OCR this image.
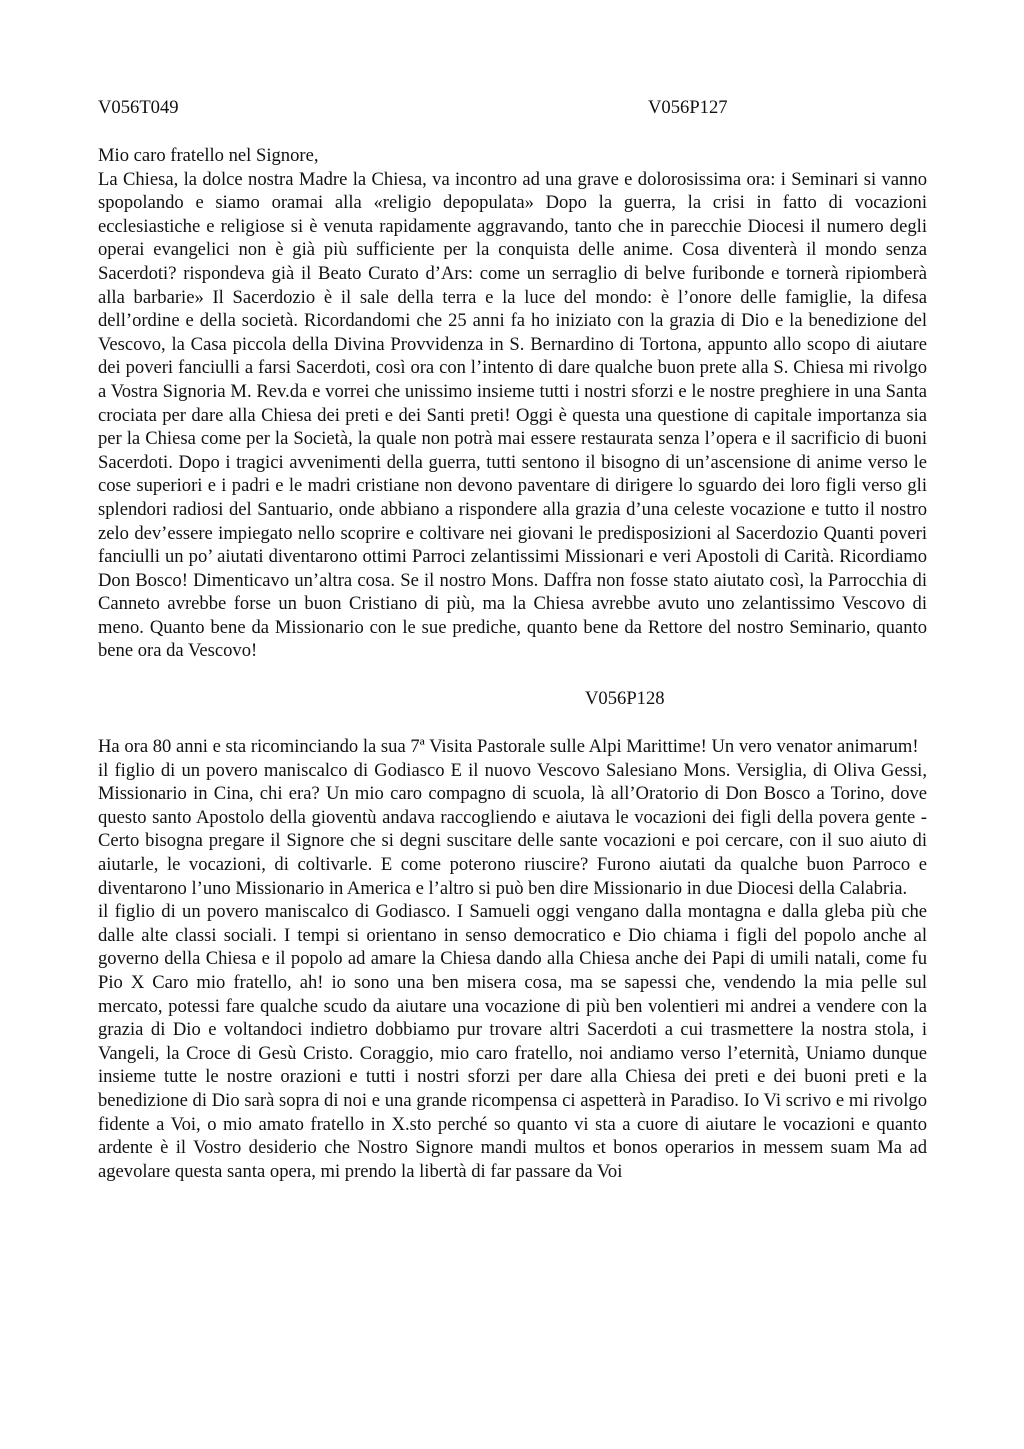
V056T049	V056P127
Mio caro fratello nel Signore,

La Chiesa, la dolce nostra Madre la Chiesa, va incontro ad una grave e dolorosissima ora: i Seminari si vanno spopolando e siamo oramai alla «religio depopulata» Dopo la guerra, la crisi in fatto di vocazioni ecclesiastiche e religiose si è venuta rapidamente aggravando, tanto che in parecchie Diocesi il numero degli operai evangelici non è già più sufficiente per la conquista delle anime. Cosa diventerà il mondo senza Sacerdoti? rispondeva già il Beato Curato d’Ars: come un serraglio di belve furibonde e tornerà ripiomberà alla barbarie» Il Sacerdozio è il sale della terra e la luce del mondo: è l’onore delle famiglie, la difesa dell’ordine e della società. Ricordandomi che 25 anni fa ho iniziato con la grazia di Dio e la benedizione del Vescovo, la Casa piccola della Divina Provvidenza in S. Bernardino di Tortona, appunto allo scopo di aiutare dei poveri fanciulli a farsi Sacerdoti, così ora con l’intento di dare qualche buon prete alla S. Chiesa mi rivolgo a Vostra Signoria M. Rev.da e vorrei che unissimo insieme tutti i nostri sforzi e le nostre preghiere in una Santa crociata per dare alla Chiesa dei preti e dei Santi preti! Oggi è questa una questione di capitale importanza sia per la Chiesa come per la Società, la quale non potrà mai essere restaurata senza l’opera e il sacrificio di buoni Sacerdoti. Dopo i tragici avvenimenti della guerra, tutti sentono il bisogno di un’ascensione di anime verso le cose superiori e i padri e le madri cristiane non devono paventare di dirigere lo sguardo dei loro figli verso gli splendori radiosi del Santuario, onde abbiano a rispondere alla grazia d’una celeste vocazione e tutto il nostro zelo dev’essere impiegato nello scoprire e coltivare nei giovani le predisposizioni al Sacerdozio Quanti poveri fanciulli un po’ aiutati diventarono ottimi Parroci zelantissimi Missionari e veri Apostoli di Carità. Ricordiamo Don Bosco! Dimenticavo un’altra cosa. Se il nostro Mons. Daffra non fosse stato aiutato così, la Parrocchia di Canneto avrebbe forse un buon Cristiano di più, ma la Chiesa avrebbe avuto uno zelantissimo Vescovo di meno. Quanto bene da Missionario con le sue prediche, quanto bene da Rettore del nostro Seminario, quanto bene ora da Vescovo!

V056P128

Ha ora 80 anni e sta ricominciando la sua 7ª Visita Pastorale sulle Alpi Marittime! Un vero venator animarum!

il figlio di un povero maniscalco di Godiasco E il nuovo Vescovo Salesiano Mons. Versiglia, di Oliva Gessi, Missionario in Cina, chi era? Un mio caro compagno di scuola, là all’Oratorio di Don Bosco a Torino, dove questo santo Apostolo della gioventù andava raccogliendo e aiutava le vocazioni dei figli della povera gente - Certo bisogna pregare il Signore che si degni suscitare delle sante vocazioni e poi cercare, con il suo aiuto di aiutarle, le vocazioni, di coltivarle. E come poterono riuscire? Furono aiutati da qualche buon Parroco e diventarono l’uno Missionario in America e l’altro si può ben dire Missionario in due Diocesi della Calabria.

il figlio di un povero maniscalco di Godiasco. I Samueli oggi vengano dalla montagna e dalla gleba più che dalle alte classi sociali. I tempi si orientano in senso democratico e Dio chiama i figli del popolo anche al governo della Chiesa e il popolo ad amare la Chiesa dando alla Chiesa anche dei Papi di umili natali, come fu Pio X Caro mio fratello, ah! io sono una ben misera cosa, ma se sapessi che, vendendo la mia pelle sul mercato, potessi fare qualche scudo da aiutare una vocazione di più ben volentieri mi andrei a vendere con la grazia di Dio e voltandoci indietro dobbiamo pur trovare altri Sacerdoti a cui trasmettere la nostra stola, i Vangeli, la Croce di Gesù Cristo. Coraggio, mio caro fratello, noi andiamo verso l’eternità, Uniamo dunque insieme tutte le nostre orazioni e tutti i nostri sforzi per dare alla Chiesa dei preti e dei buoni preti e la benedizione di Dio sarà sopra di noi e una grande ricompensa ci aspetterà in Paradiso. Io Vi scrivo e mi rivolgo fidente a Voi, o mio amato fratello in X.sto perché so quanto vi sta a cuore di aiutare le vocazioni e quanto ardente è il Vostro desiderio che Nostro Signore mandi multos et bonos operarios in messem suam Ma ad agevolare questa santa opera, mi prendo la libertà di far passare da Voi
